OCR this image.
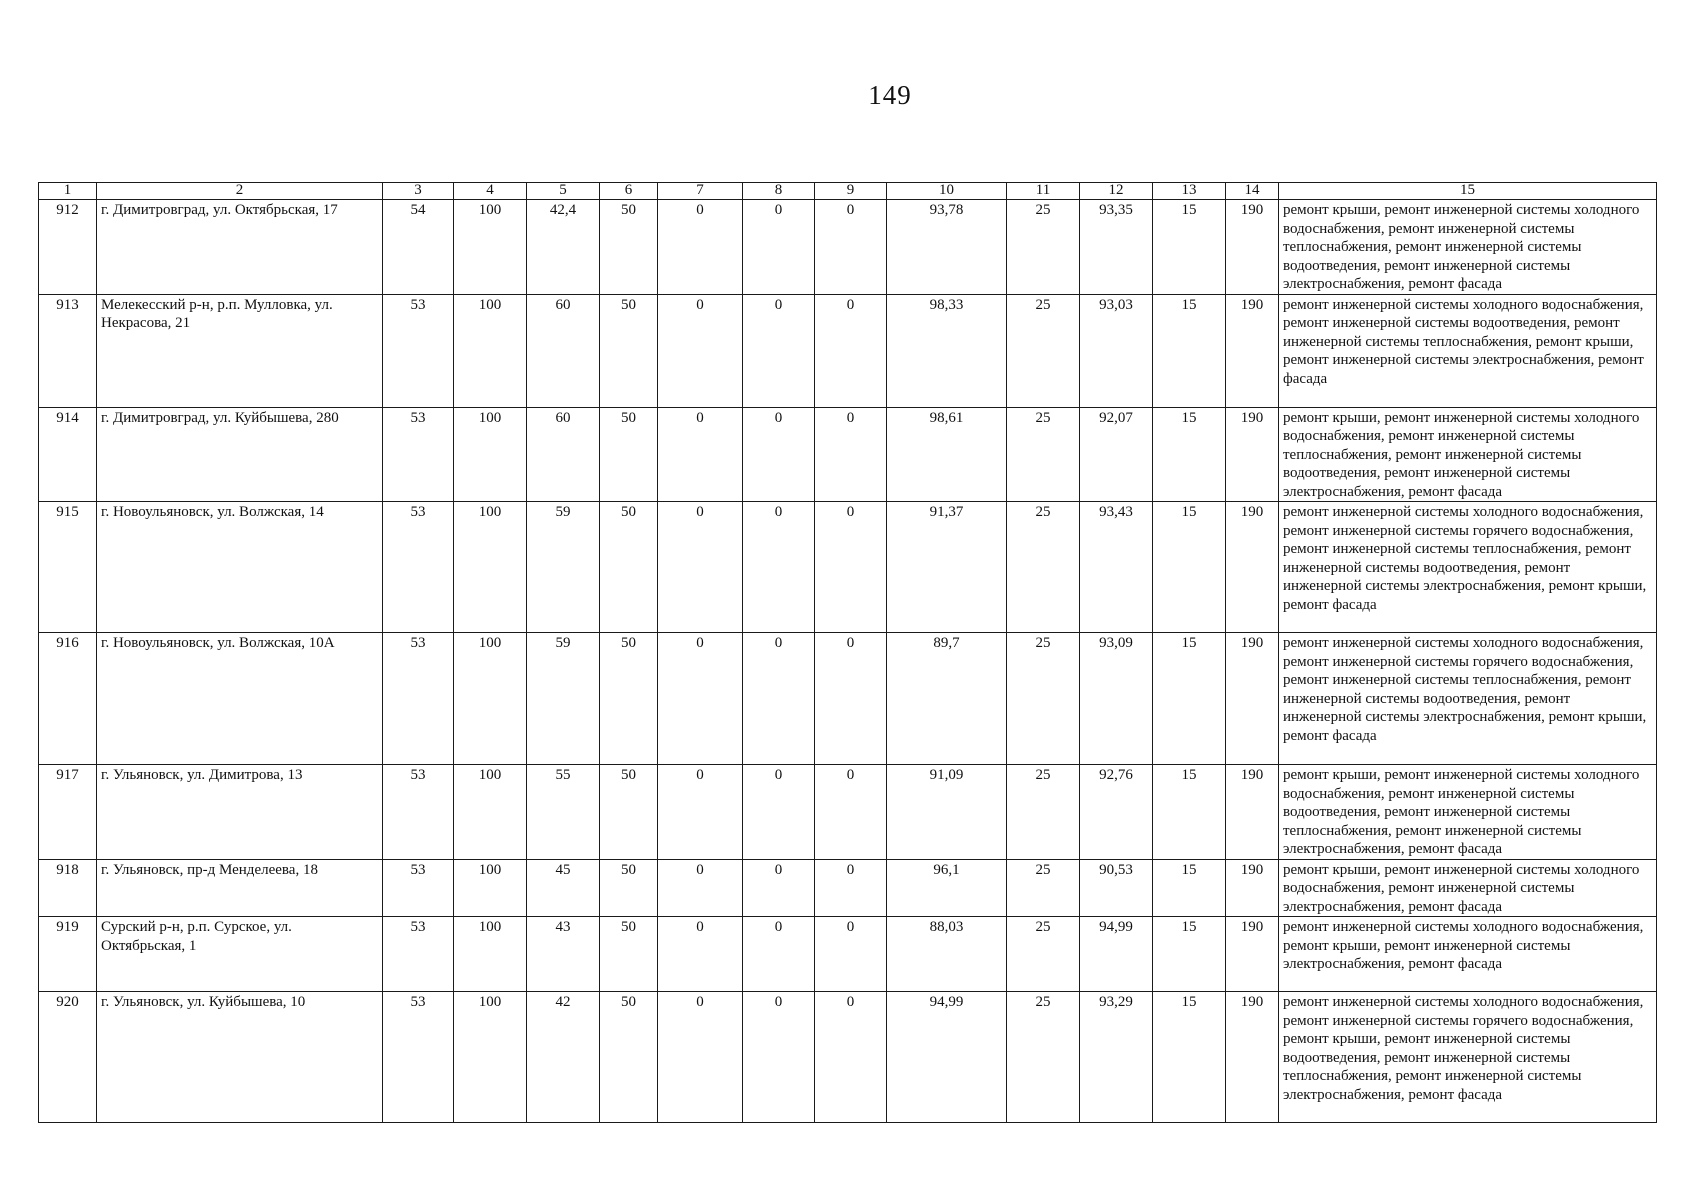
149
1	2	3	4	5	6	7	8	9	10	11	12	13	14	15
912	г. Димитровград, ул. Октябрьская, 17	54	100	42,4	50	0	0	0	93,78	25	93,35	15	190	ремонт крыши, ремонт инженерной системы холодного водоснабжения, ремонт инженерной системы теплоснабжения, ремонт инженерной системы водоотведения, ремонт инженерной системы электроснабжения, ремонт фасада
913	Мелекесский р-н, р.п. Мулловка, ул. Некрасова, 21	53	100	60	50	0	0	0	98,33	25	93,03	15	190	ремонт инженерной системы холодного водоснабжения, ремонт инженерной системы водоотведения, ремонт инженерной системы теплоснабжения, ремонт крыши, ремонт инженерной системы электроснабжения, ремонт фасада
914	г. Димитровград, ул. Куйбышева, 280	53	100	60	50	0	0	0	98,61	25	92,07	15	190	ремонт крыши, ремонт инженерной системы холодного водоснабжения, ремонт инженерной системы теплоснабжения, ремонт инженерной системы водоотведения, ремонт инженерной системы электроснабжения, ремонт фасада
915	г. Новоульяновск, ул. Волжская, 14	53	100	59	50	0	0	0	91,37	25	93,43	15	190	ремонт инженерной системы холодного водоснабжения, ремонт инженерной системы горячего водоснабжения, ремонт инженерной системы теплоснабжения, ремонт инженерной системы водоотведения, ремонт инженерной системы электроснабжения, ремонт крыши, ремонт фасада
916	г. Новоульяновск, ул. Волжская, 10А	53	100	59	50	0	0	0	89,7	25	93,09	15	190	ремонт инженерной системы холодного водоснабжения, ремонт инженерной системы горячего водоснабжения, ремонт инженерной системы теплоснабжения, ремонт инженерной системы водоотведения, ремонт инженерной системы электроснабжения, ремонт крыши, ремонт фасада
917	г. Ульяновск, ул. Димитрова, 13	53	100	55	50	0	0	0	91,09	25	92,76	15	190	ремонт крыши, ремонт инженерной системы холодного водоснабжения, ремонт инженерной системы водоотведения, ремонт инженерной системы теплоснабжения, ремонт инженерной системы электроснабжения, ремонт фасада
918	г. Ульяновск, пр-д Менделеева, 18	53	100	45	50	0	0	0	96,1	25	90,53	15	190	ремонт крыши, ремонт инженерной системы холодного водоснабжения, ремонт инженерной системы электроснабжения, ремонт фасада
919	Сурский р-н, р.п. Сурское, ул. Октябрьская, 1	53	100	43	50	0	0	0	88,03	25	94,99	15	190	ремонт инженерной системы холодного водоснабжения, ремонт крыши, ремонт инженерной системы электроснабжения, ремонт фасада
920	г. Ульяновск, ул. Куйбышева, 10	53	100	42	50	0	0	0	94,99	25	93,29	15	190	ремонт инженерной системы холодного водоснабжения, ремонт инженерной системы горячего водоснабжения, ремонт крыши, ремонт инженерной системы водоотведения, ремонт инженерной системы теплоснабжения, ремонт инженерной системы электроснабжения, ремонт фасада
